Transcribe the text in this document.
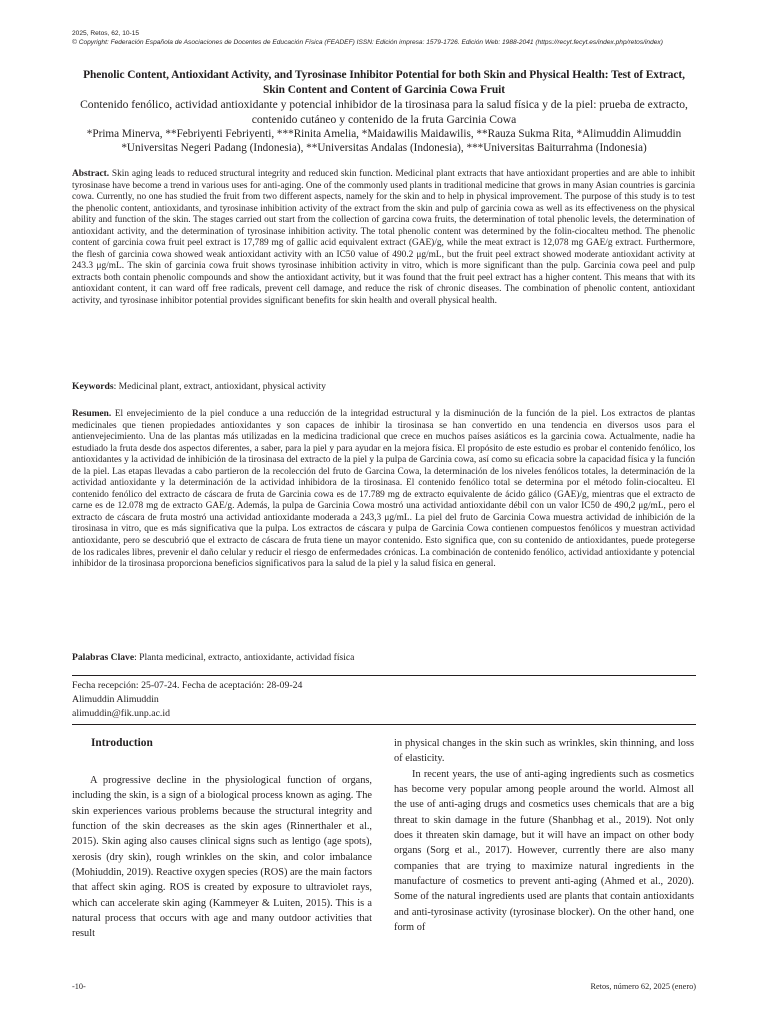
2025, Retos, 62, 10-15
© Copyright: Federación Española de Asociaciones de Docentes de Educación Física (FEADEF) ISSN: Edición impresa: 1579-1726. Edición Web: 1988-2041 (https://recyt.fecyt.es/index.php/retos/index)
Phenolic Content, Antioxidant Activity, and Tyrosinase Inhibitor Potential for both Skin and Physical Health: Test of Extract, Skin Content and Content of Garcinia Cowa Fruit
Contenido fenólico, actividad antioxidante y potencial inhibidor de la tirosinasa para la salud física y de la piel: prueba de extracto, contenido cutáneo y contenido de la fruta Garcinia Cowa
*Prima Minerva, **Febriyenti Febriyenti, ***Rinita Amelia, *Maidawilis Maidawilis, **Rauza Sukma Rita, *Alimuddin Alimuddin
*Universitas Negeri Padang (Indonesia), **Universitas Andalas (Indonesia), ***Universitas Baiturrahma (Indonesia)
Abstract. Skin aging leads to reduced structural integrity and reduced skin function. Medicinal plant extracts that have antioxidant properties and are able to inhibit tyrosinase have become a trend in various uses for anti-aging. One of the commonly used plants in traditional medicine that grows in many Asian countries is garcinia cowa. Currently, no one has studied the fruit from two different aspects, namely for the skin and to help in physical improvement. The purpose of this study is to test the phenolic content, antioxidants, and tyrosinase inhibition activity of the extract from the skin and pulp of garcinia cowa as well as its effectiveness on the physical ability and function of the skin. The stages carried out start from the collection of garcina cowa fruits, the determination of total phenolic levels, the determination of antioxidant activity, and the determination of tyrosinase inhibition activity. The total phenolic content was determined by the folin-ciocalteu method. The phenolic content of garcinia cowa fruit peel extract is 17,789 mg of gallic acid equivalent extract (GAE)/g, while the meat extract is 12,078 mg GAE/g extract. Furthermore, the flesh of garcinia cowa showed weak antioxidant activity with an IC50 value of 490.2 μg/mL, but the fruit peel extract showed moderate antioxidant activity at 243.3 μg/mL. The skin of garcinia cowa fruit shows tyrosinase inhibition activity in vitro, which is more significant than the pulp. Garcinia cowa peel and pulp extracts both contain phenolic compounds and show the antioxidant activity, but it was found that the fruit peel extract has a higher content. This means that with its antioxidant content, it can ward off free radicals, prevent cell damage, and reduce the risk of chronic diseases. The combination of phenolic content, antioxidant activity, and tyrosinase inhibitor potential provides significant benefits for skin health and overall physical health.
Keywords: Medicinal plant, extract, antioxidant, physical activity
Resumen. El envejecimiento de la piel conduce a una reducción de la integridad estructural y la disminución de la función de la piel. Los extractos de plantas medicinales que tienen propiedades antioxidantes y son capaces de inhibir la tirosinasa se han convertido en una tendencia en diversos usos para el antienvejecimiento. Una de las plantas más utilizadas en la medicina tradicional que crece en muchos países asiáticos es la garcinia cowa. Actualmente, nadie ha estudiado la fruta desde dos aspectos diferentes, a saber, para la piel y para ayudar en la mejora física. El propósito de este estudio es probar el contenido fenólico, los antioxidantes y la actividad de inhibición de la tirosinasa del extracto de la piel y la pulpa de Garcinia cowa, así como su eficacia sobre la capacidad física y la función de la piel. Las etapas llevadas a cabo partieron de la recolección del fruto de Garcina Cowa, la determinación de los niveles fenólicos totales, la determinación de la actividad antioxidante y la determinación de la actividad inhibidora de la tirosinasa. El contenido fenólico total se determina por el método folin-ciocalteu. El contenido fenólico del extracto de cáscara de fruta de Garcinia cowa es de 17.789 mg de extracto equivalente de ácido gálico (GAE)/g, mientras que el extracto de carne es de 12.078 mg de extracto GAE/g. Además, la pulpa de Garcinia Cowa mostró una actividad antioxidante débil con un valor IC50 de 490,2 μg/mL, pero el extracto de cáscara de fruta mostró una actividad antioxidante moderada a 243,3 μg/mL. La piel del fruto de Garcinia Cowa muestra actividad de inhibición de la tirosinasa in vitro, que es más significativa que la pulpa. Los extractos de cáscara y pulpa de Garcinia Cowa contienen compuestos fenólicos y muestran actividad antioxidante, pero se descubrió que el extracto de cáscara de fruta tiene un mayor contenido. Esto significa que, con su contenido de antioxidantes, puede protegerse de los radicales libres, prevenir el daño celular y reducir el riesgo de enfermedades crónicas. La combinación de contenido fenólico, actividad antioxidante y potencial inhibidor de la tirosinasa proporciona beneficios significativos para la salud de la piel y la salud física en general.
Palabras Clave: Planta medicinal, extracto, antioxidante, actividad física
Fecha recepción: 25-07-24. Fecha de aceptación: 28-09-24
Alimuddin Alimuddin
alimuddin@fik.unp.ac.id
Introduction

A progressive decline in the physiological function of organs, including the skin, is a sign of a biological process known as aging. The skin experiences various problems because the structural integrity and function of the skin decreases as the skin ages (Rinnerthaler et al., 2015). Skin aging also causes clinical signs such as lentigo (age spots), xerosis (dry skin), rough wrinkles on the skin, and color imbalance (Mohiuddin, 2019). Reactive oxygen species (ROS) are the main factors that affect skin aging. ROS is created by exposure to ultraviolet rays, which can accelerate skin aging (Kammeyer & Luiten, 2015). This is a natural process that occurs with age and many outdoor activities that result

in physical changes in the skin such as wrinkles, skin thinning, and loss of elasticity.

In recent years, the use of anti-aging ingredients such as cosmetics has become very popular among people around the world. Almost all the use of anti-aging drugs and cosmetics uses chemicals that are a big threat to skin damage in the future (Shanbhag et al., 2019). Not only does it threaten skin damage, but it will have an impact on other body organs (Sorg et al., 2017). However, currently there are also many companies that are trying to maximize natural ingredients in the manufacture of cosmetics to prevent anti-aging (Ahmed et al., 2020). Some of the natural ingredients used are plants that contain antioxidants and anti-tyrosinase activity (tyrosinase blocker). On the other hand, one form of

-10-	Retos, número 62, 2025 (enero)
